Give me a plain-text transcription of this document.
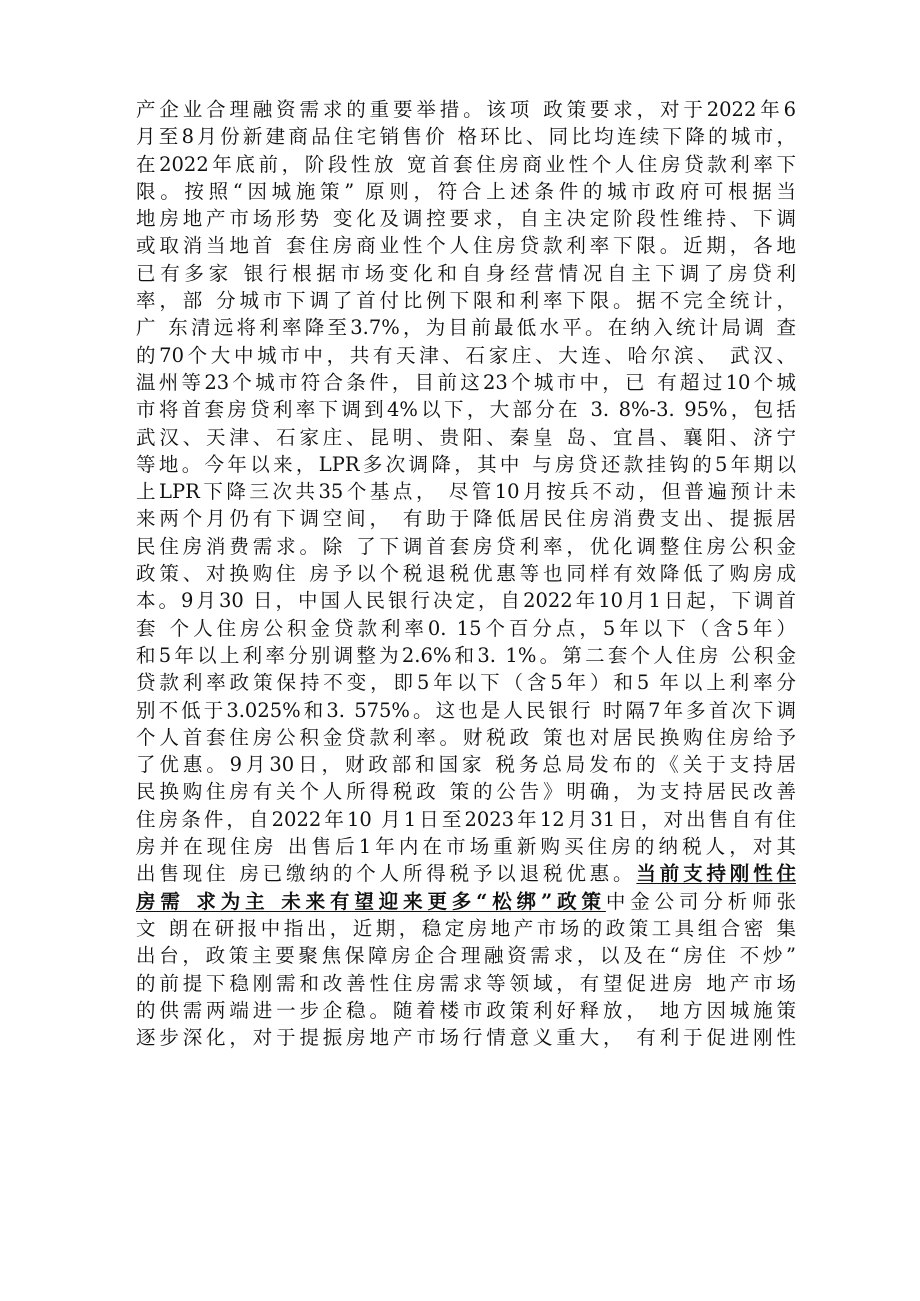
产企业合理融资需求的重要举措。该项 政策要求，对于2022年6
月至8月份新建商品住宅销售价 格环比、同比均连续下降的城市，
在2022年底前，阶段性放 宽首套住房商业性个人住房贷款利率下
限。按照“因城施策” 原则，符合上述条件的城市政府可根据当
地房地产市场形势 变化及调控要求，自主决定阶段性维持、下调
或取消当地首 套住房商业性个人住房贷款利率下限。近期，各地
已有多家 银行根据市场变化和自身经营情况自主下调了房贷利
率，部 分城市下调了首付比例下限和利率下限。据不完全统计，
广 东清远将利率降至3.7%，为目前最低水平。在纳入统计局调 查
的70个大中城市中，共有天津、石家庄、大连、哈尔滨、 武汉、
温州等23个城市符合条件，目前这23个城市中，已 有超过10个城
市将首套房贷利率下调到4%以下，大部分在 3. 8%-3. 95%，包括
武汉、天津、石家庄、昆明、贵阳、秦皇 岛、宜昌、襄阳、济宁
等地。今年以来，LPR多次调降，其中 与房贷还款挂钩的5年期以
上LPR下降三次共35个基点， 尽管10月按兵不动，但普遍预计未
来两个月仍有下调空间， 有助于降低居民住房消费支出、提振居
民住房消费需求。除 了下调首套房贷利率，优化调整住房公积金
政策、对换购住 房予以个税退税优惠等也同样有效降低了购房成
本。9月30 日，中国人民银行决定，自2022年10月1日起，下调首
套 个人住房公积金贷款利率0. 15个百分点，5年以下（含5年）
和5年以上利率分别调整为2.6%和3. 1%。第二套个人住房 公积金
贷款利率政策保持不变，即5年以下（含5年）和5 年以上利率分
别不低于3.025%和3. 575%。这也是人民银行 时隔7年多首次下调
个人首套住房公积金贷款利率。财税政 策也对居民换购住房给予
了优惠。9月30日，财政部和国家 税务总局发布的《关于支持居
民换购住房有关个人所得税政 策的公告》明确，为支持居民改善
住房条件，自2022年10 月1日至2023年12月31日，对出售自有住
房并在现住房 出售后1年内在市场重新购买住房的纳税人，对其
出售现住 房已缴纳的个人所得税予以退税优惠。当前支持刚性住
房需 求为主 未来有望迎来更多“松绑”政策中金公司分析师张
文 朗在研报中指出，近期，稳定房地产市场的政策工具组合密 集
出台，政策主要聚焦保障房企合理融资需求，以及在“房住 不炒”
的前提下稳刚需和改善性住房需求等领域，有望促进房 地产市场
的供需两端进一步企稳。随着楼市政策利好释放， 地方因城施策
逐步深化，对于提振房地产市场行情意义重大， 有利于促进刚性
